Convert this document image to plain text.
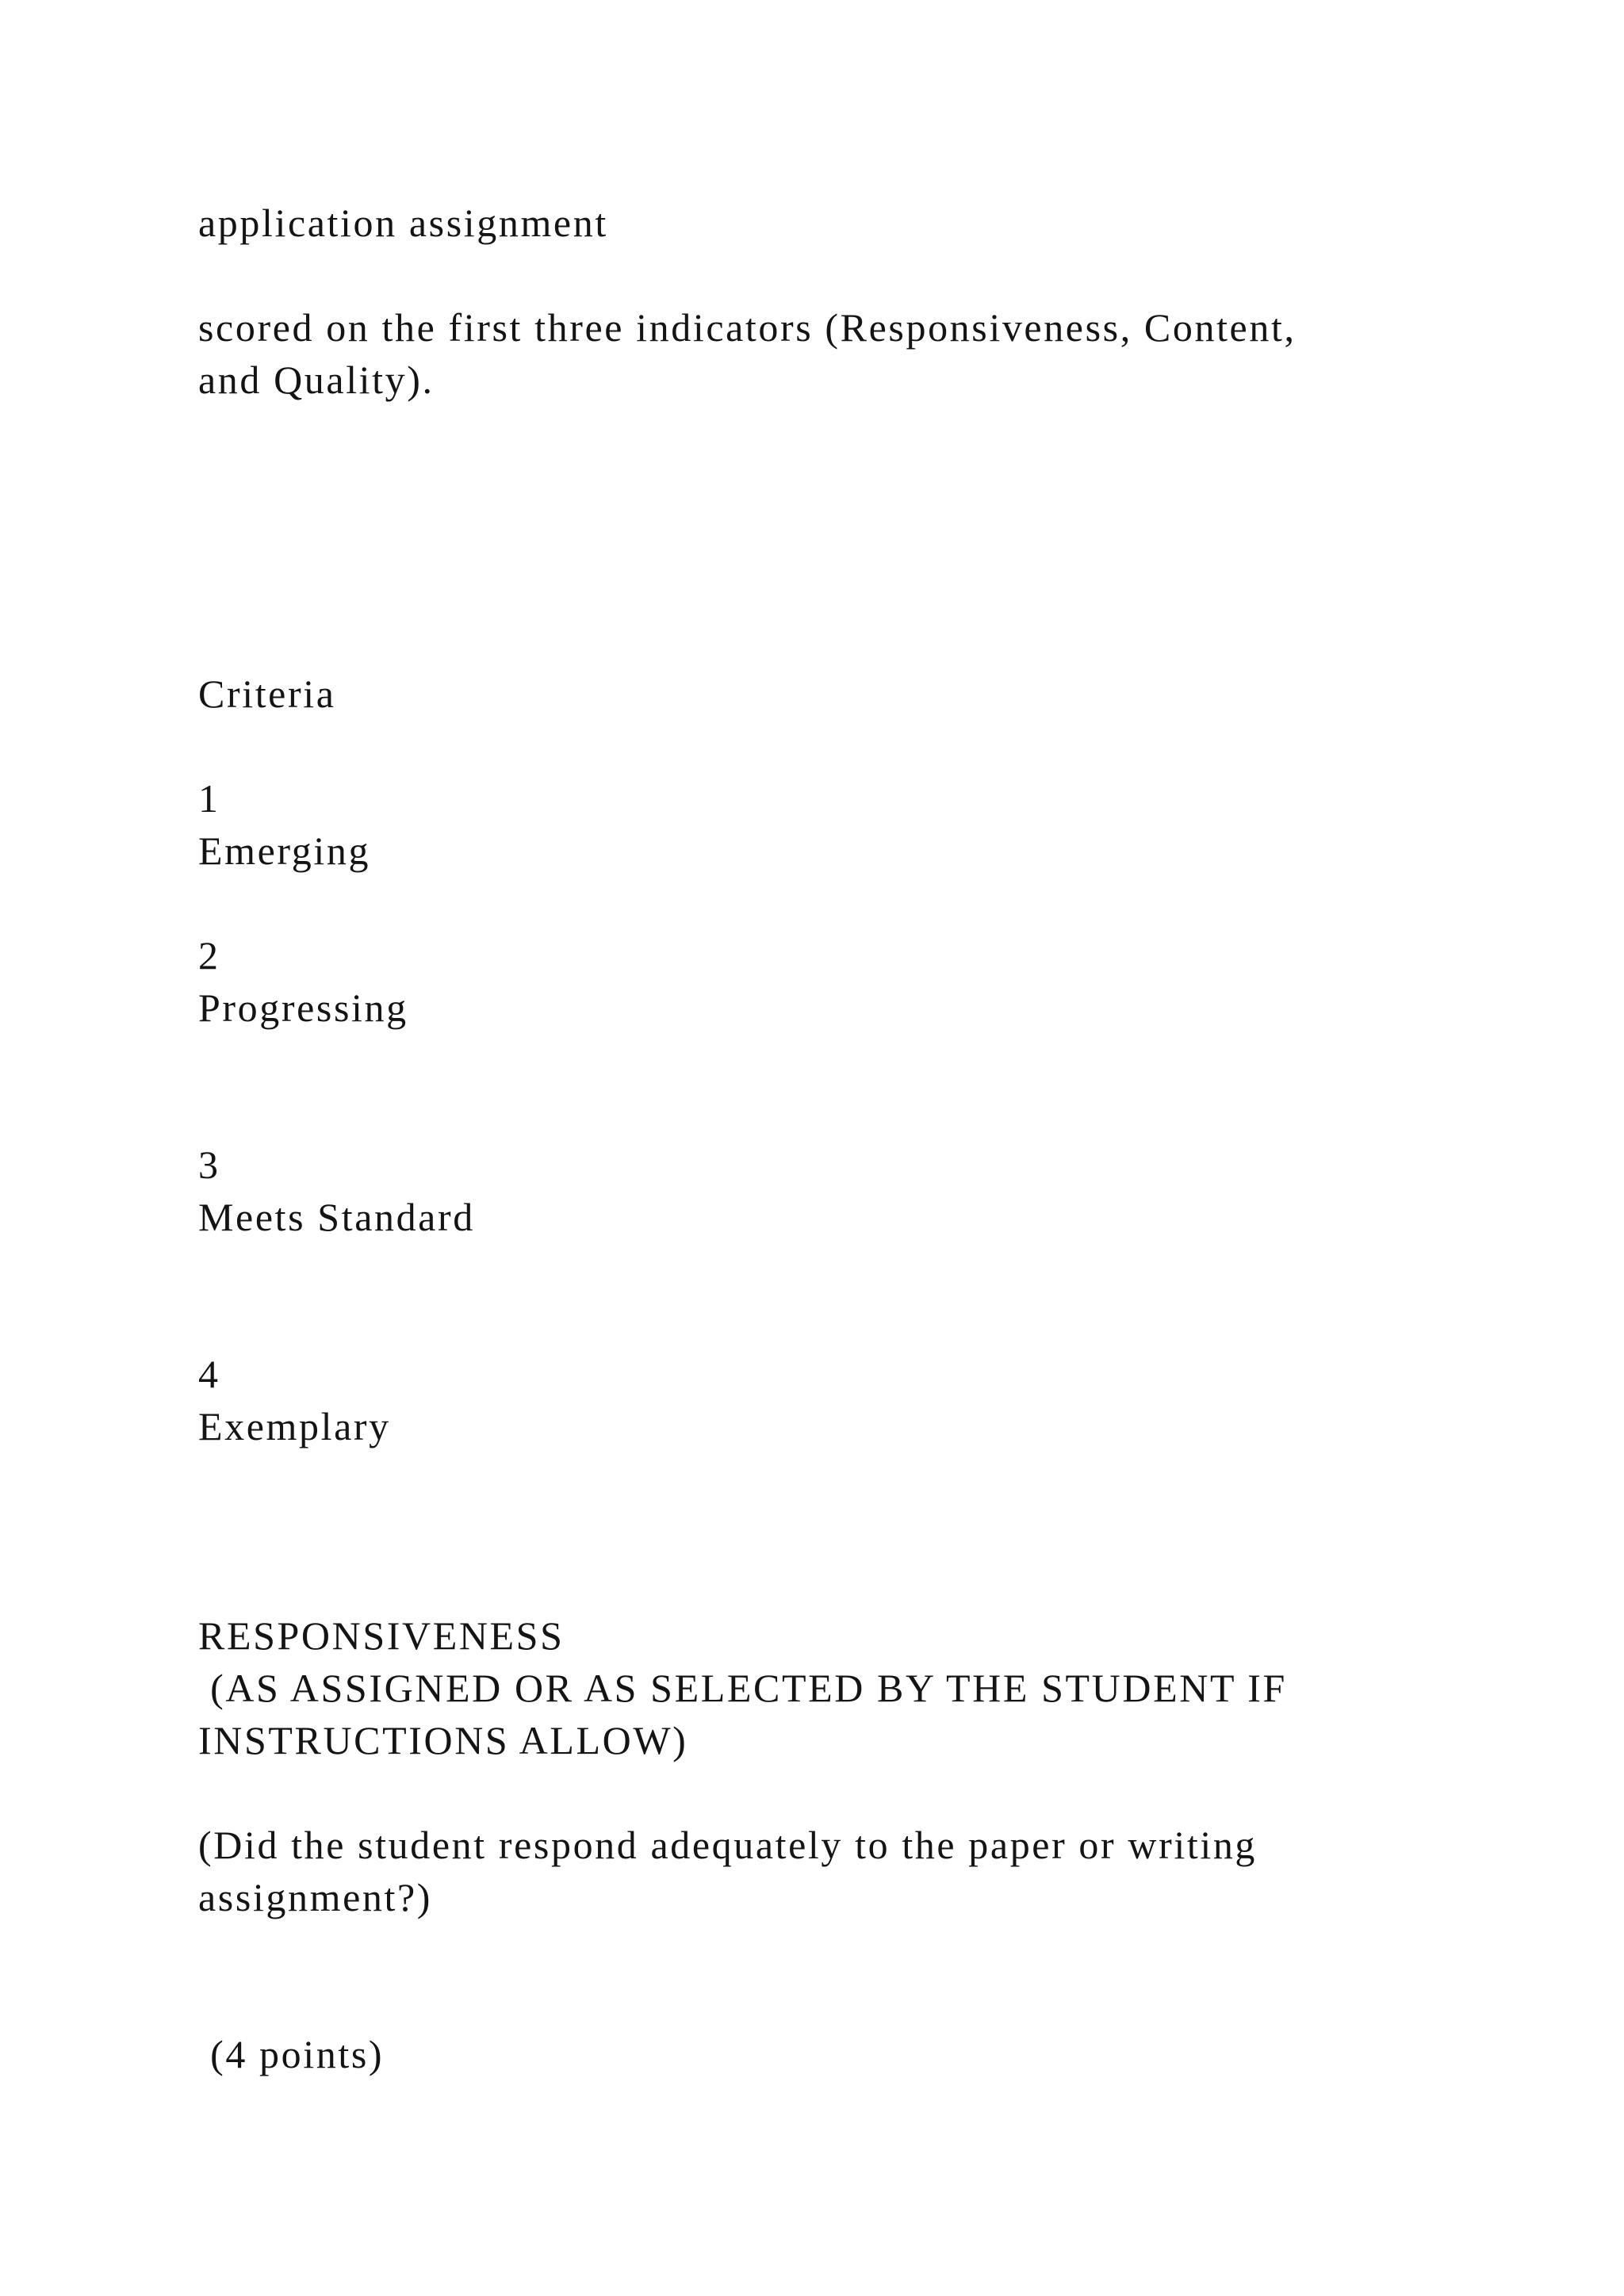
application assignment

scored on the first three indicators (Responsiveness, Content,

and Quality).

Criteria

1

Emerging

2

Progressing

3

Meets Standard

4

Exemplary

RESPONSIVENESS

(AS ASSIGNED OR AS SELECTED BY THE STUDENT IF

INSTRUCTIONS ALLOW)

(Did the student respond adequately to the paper or writing

assignment?)

(4 points)
